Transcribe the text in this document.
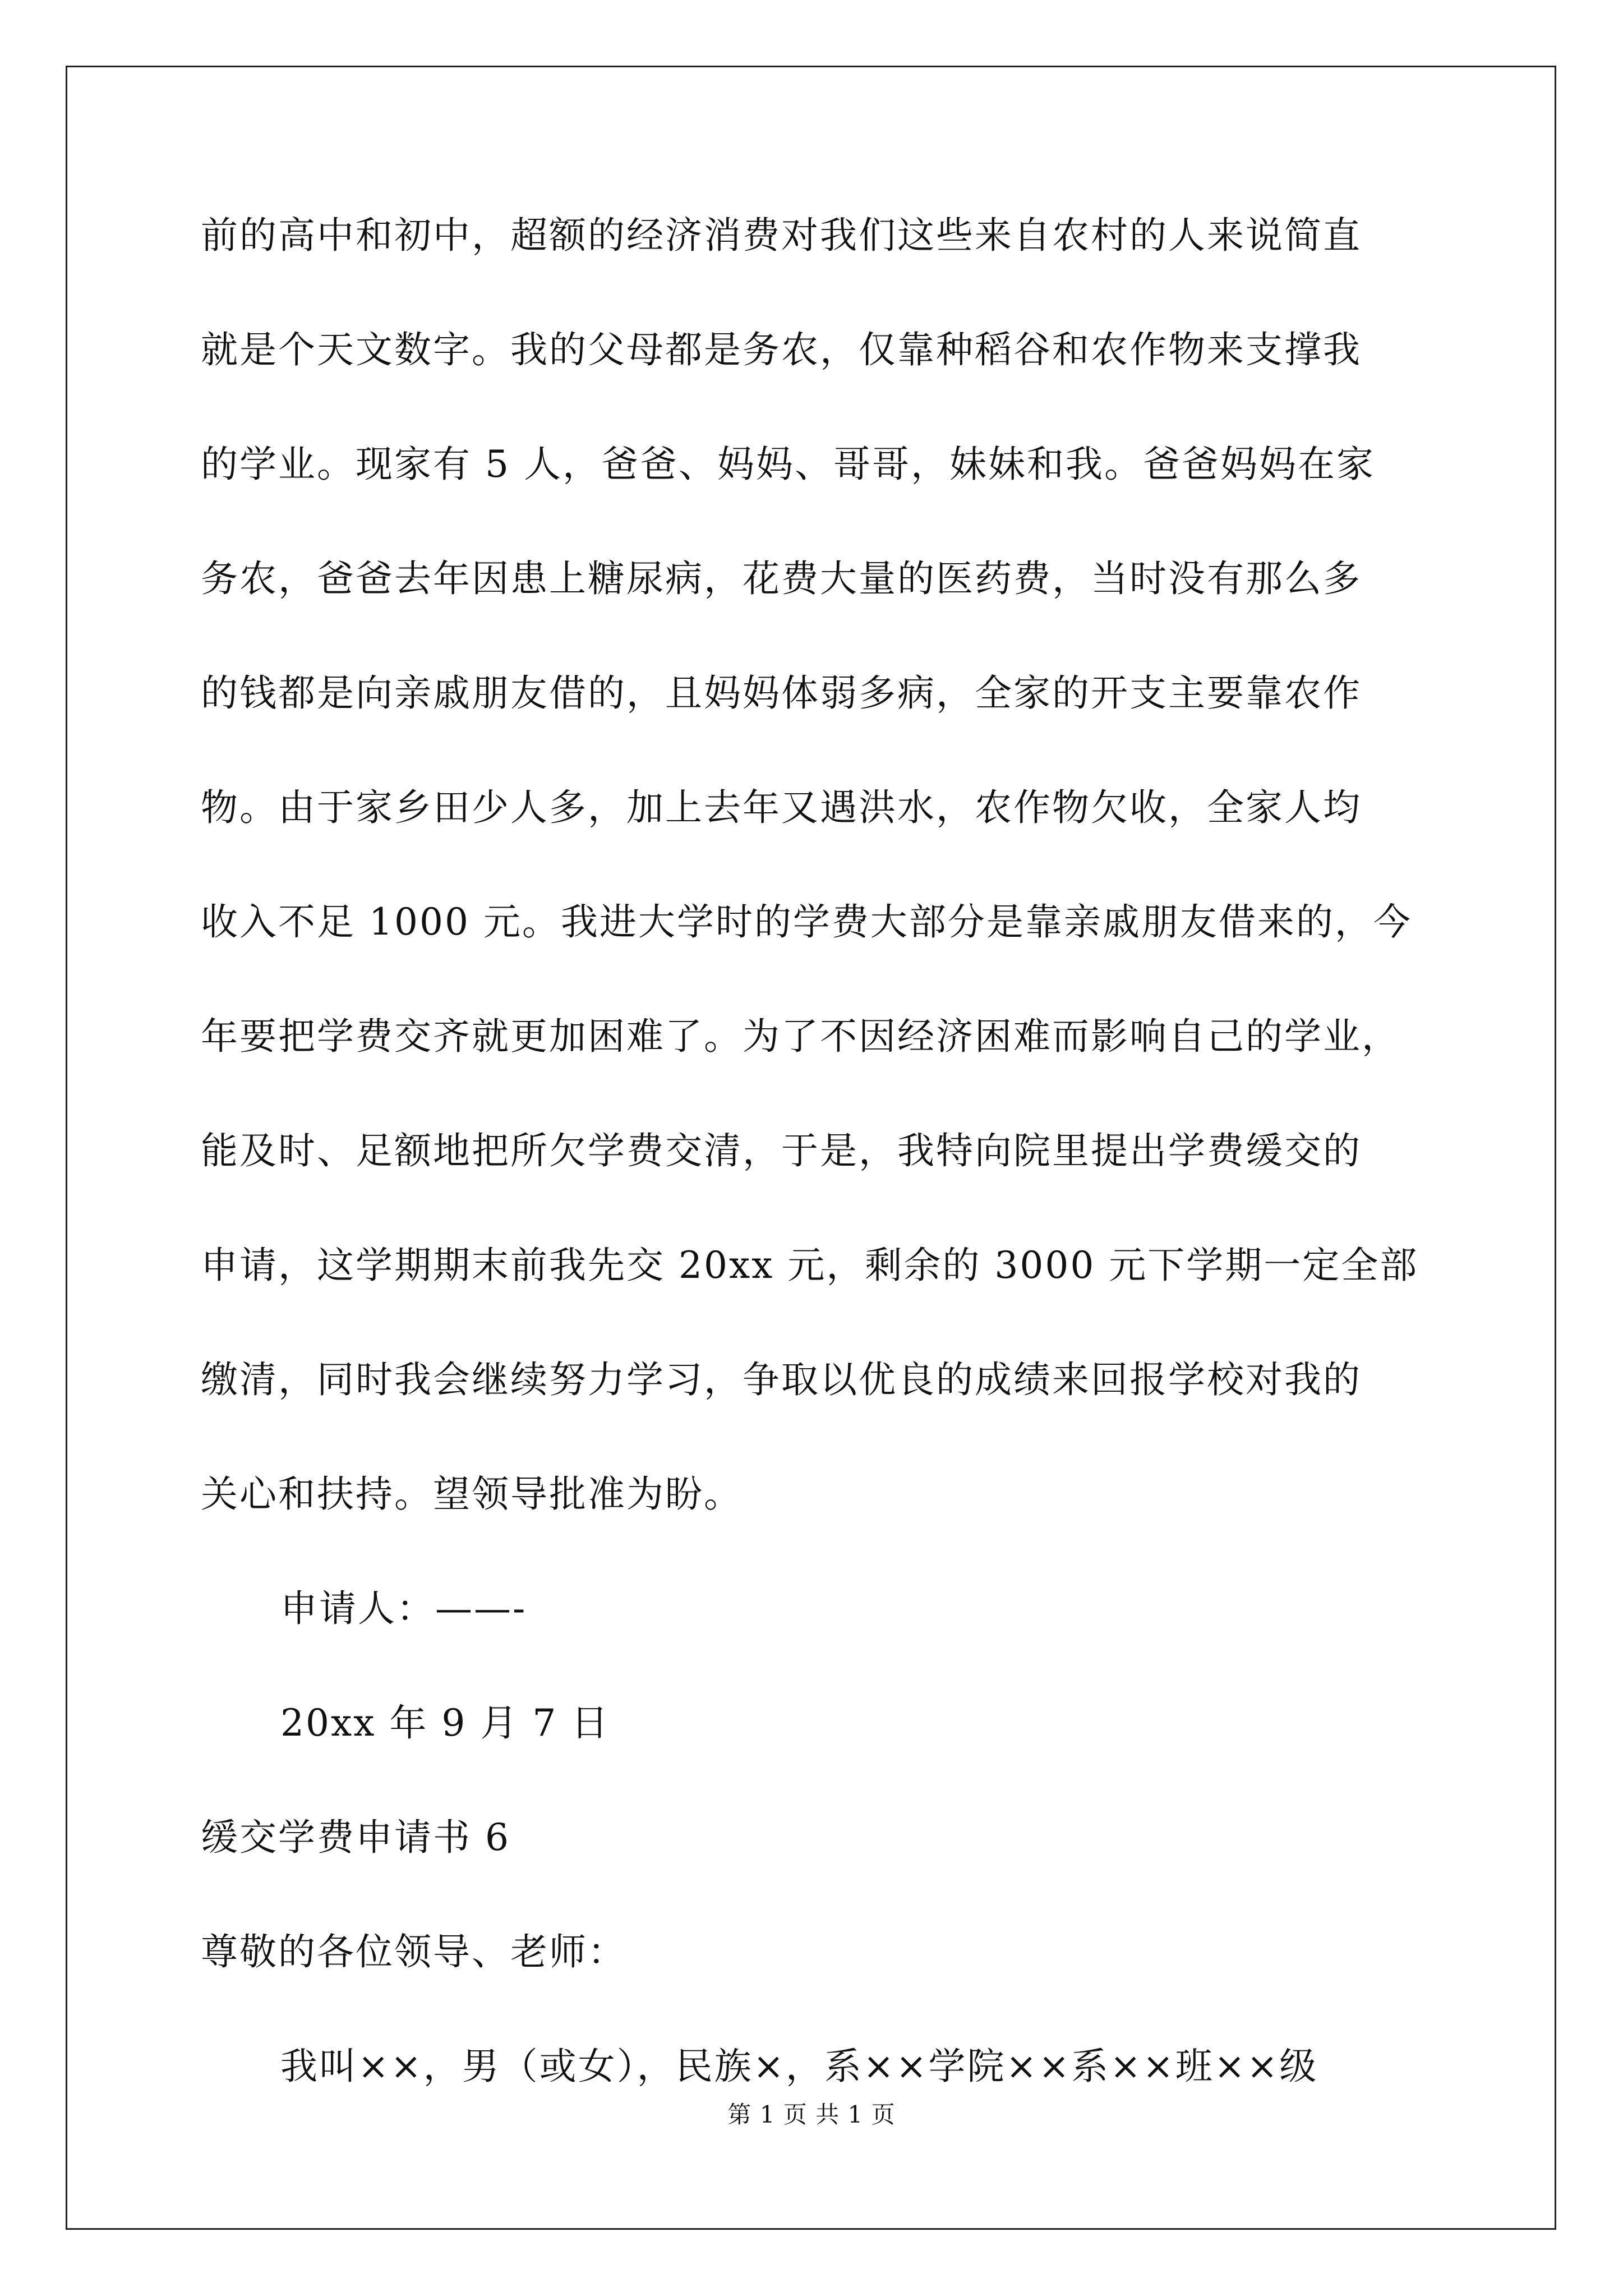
前的高中和初中，超额的经济消费对我们这些来自农村的人来说简直
就是个天文数字。我的父母都是务农，仅靠种稻谷和农作物来支撑我
的学业。现家有 5 人，爸爸、妈妈、哥哥，妹妹和我。爸爸妈妈在家
务农，爸爸去年因患上糖尿病，花费大量的医药费，当时没有那么多
的钱都是向亲戚朋友借的，且妈妈体弱多病，全家的开支主要靠农作
物。由于家乡田少人多，加上去年又遇洪水，农作物欠收，全家人均
收入不足 1000 元。我进大学时的学费大部分是靠亲戚朋友借来的，今
年要把学费交齐就更加困难了。为了不因经济困难而影响自己的学业，
能及时、足额地把所欠学费交清，于是，我特向院里提出学费缓交的
申请，这学期期末前我先交 20xx 元，剩余的 3000 元下学期一定全部
缴清，同时我会继续努力学习，争取以优良的成绩来回报学校对我的
关心和扶持。望领导批准为盼。
申请人：——-
20xx 年 9 月 7 日
缓交学费申请书 6
尊敬的各位领导、老师：
我叫××，男（或女），民族×，系××学院××系××班××级
第 1 页 共 1 页
